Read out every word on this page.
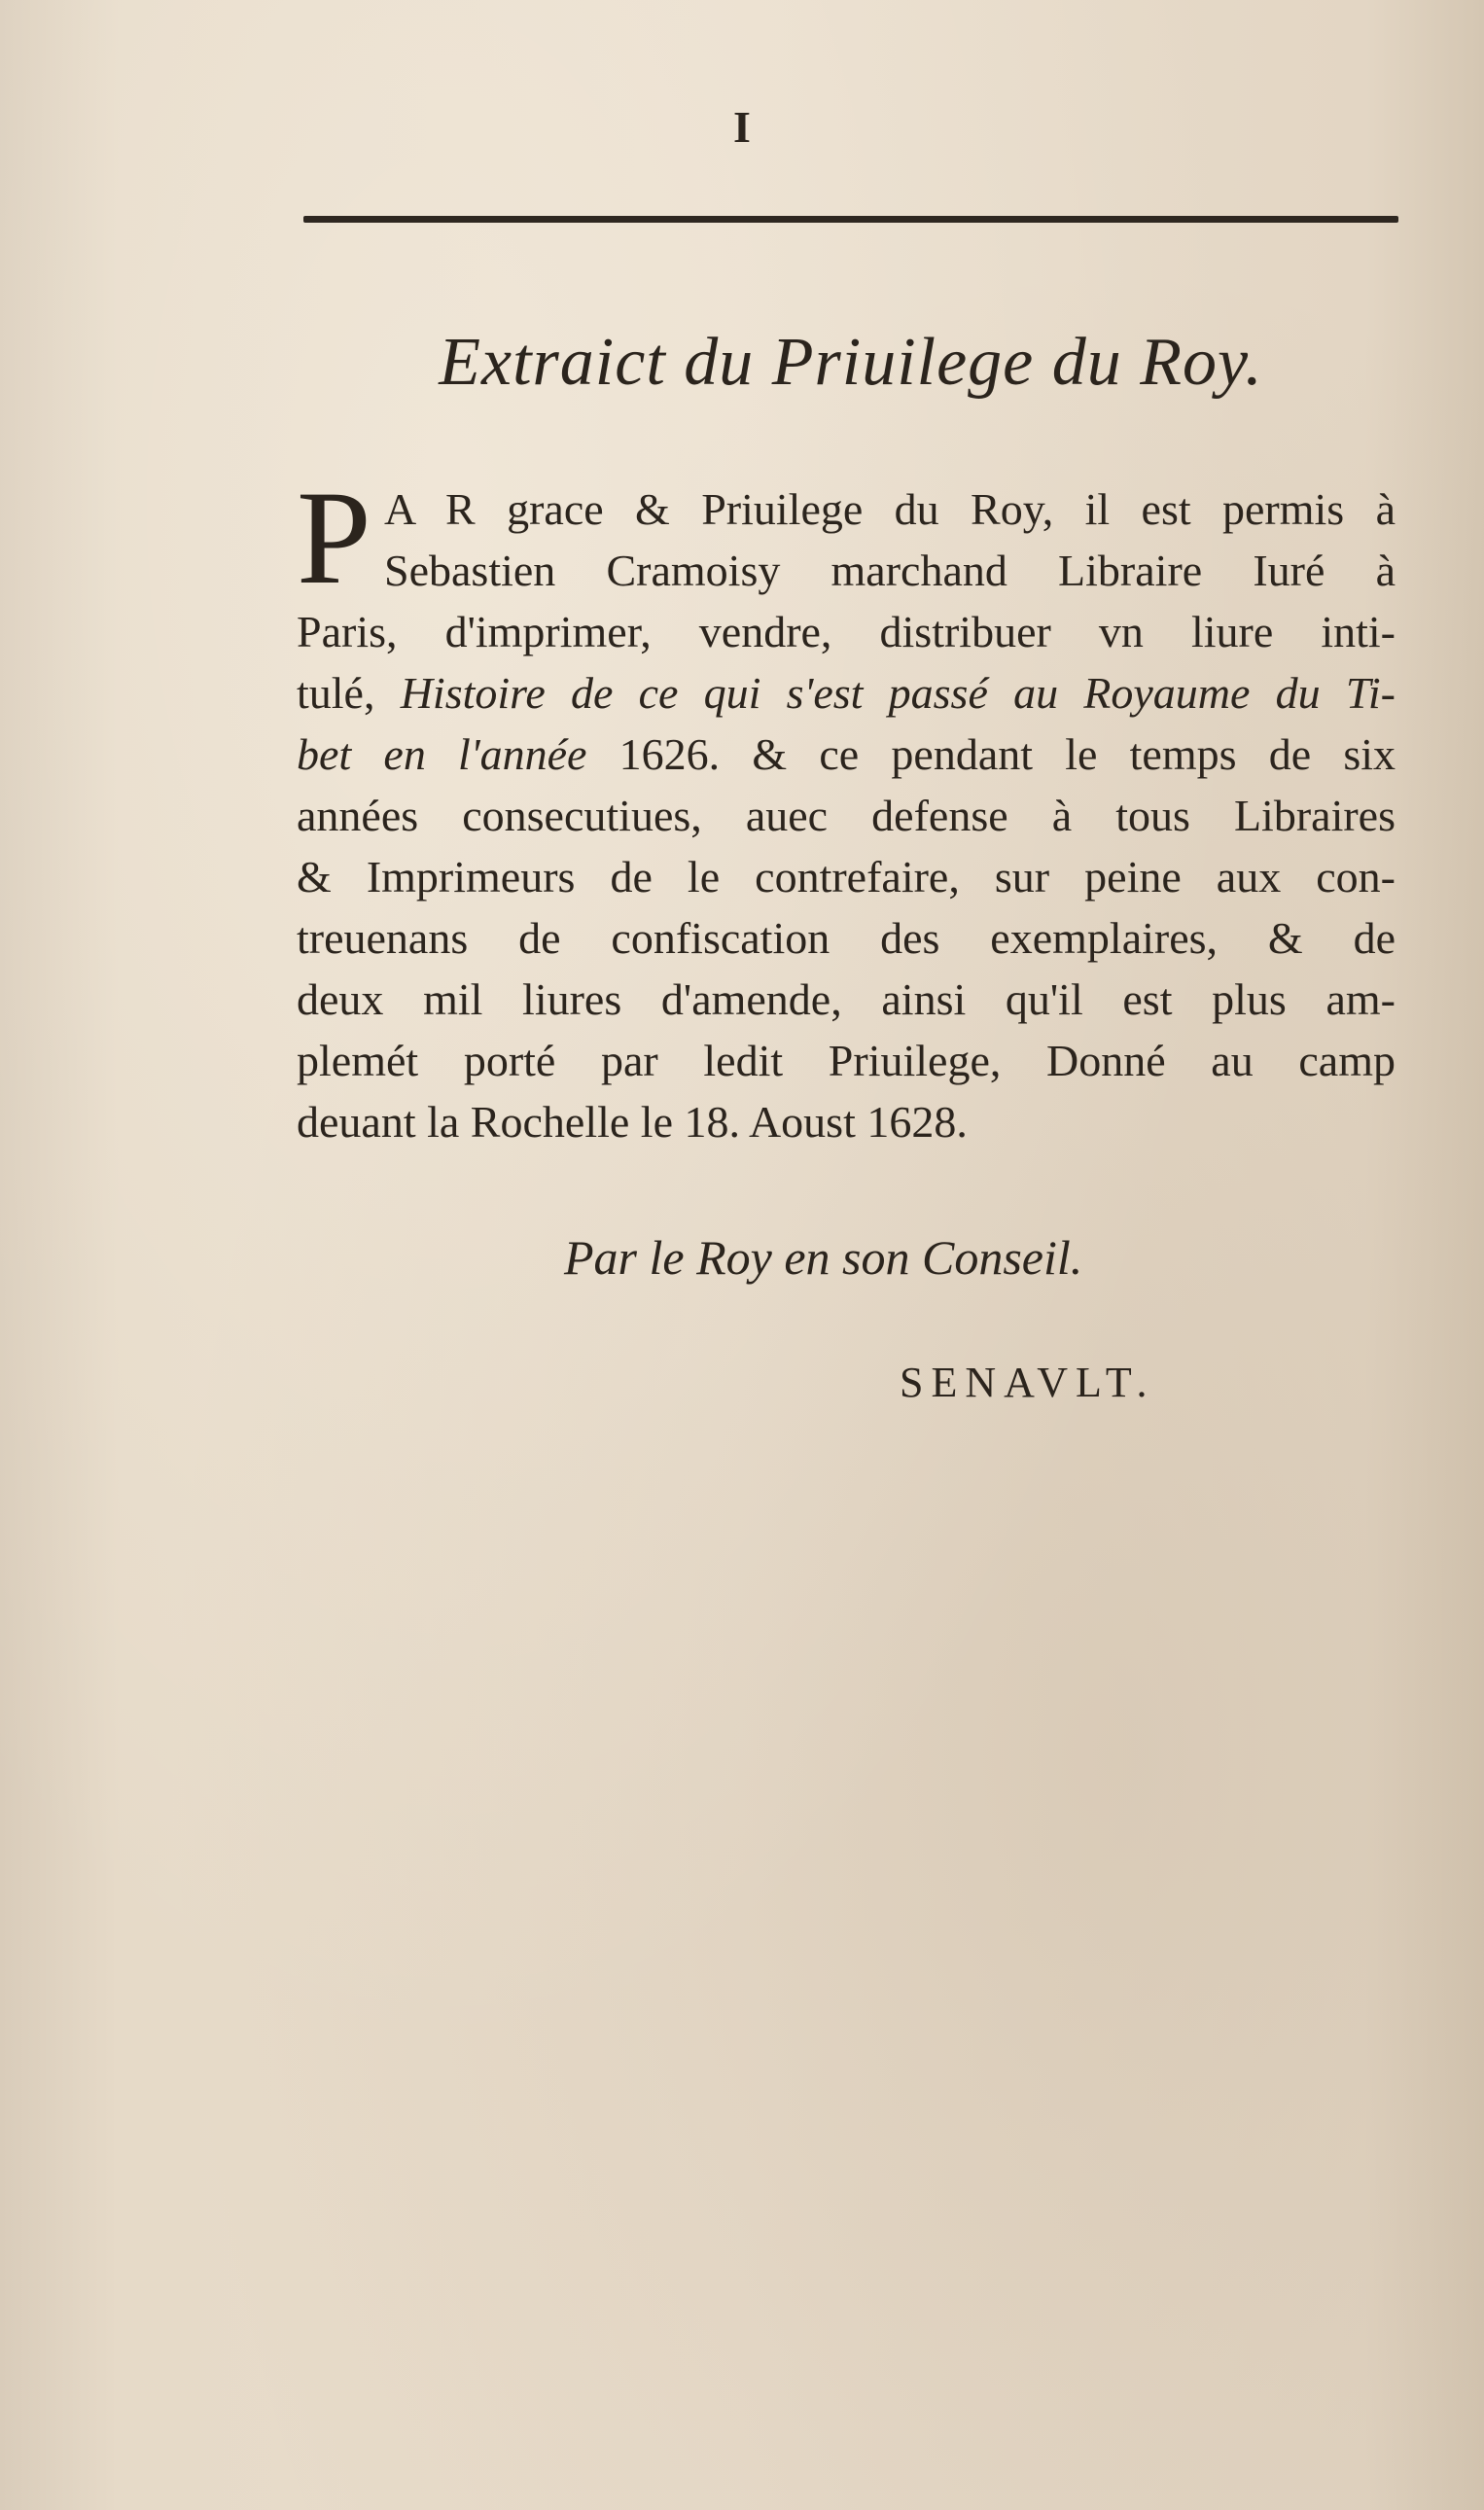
I
Extraict du Priuilege du Roy.
P A R grace & Priuilege du Roy, il est permis à
Sebastien Cramoisy marchand Libraire Iuré à
Paris, d'imprimer, vendre, distribuer vn liure inti-
tulé, Histoire de ce qui s'est passé au Royaume du Ti-
bet en l'année 1626. & ce pendant le temps de six
années consecutiues, auec defense à tous Libraires
& Imprimeurs de le contrefaire, sur peine aux con-
treuenans de confiscation des exemplaires, & de
deux mil liures d'amende, ainsi qu'il est plus am-
plemét porté par ledit Priuilege, Donné au camp
deuant la Rochelle le 18. Aoust 1628.
Par le Roy en son Conseil.
SENAVLT.
